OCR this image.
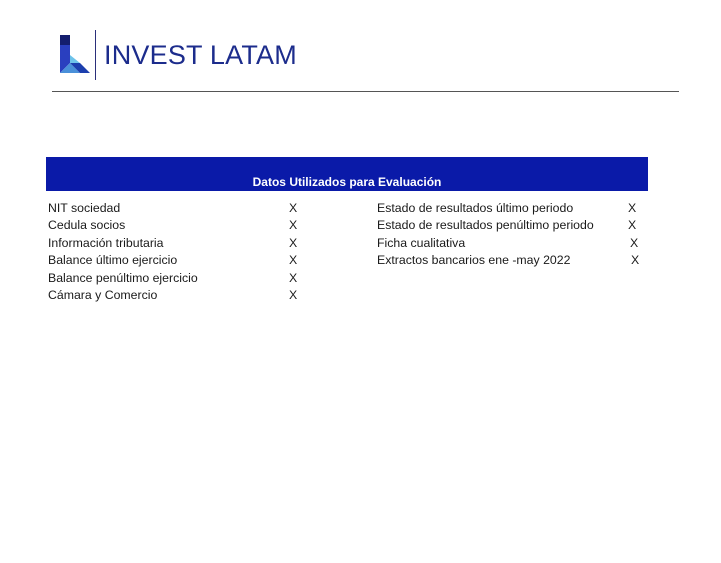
INVEST LATAM
Datos Utilizados para Evaluación
NIT sociedad	X
Cedula socios	X
Información tributaria	X
Balance último ejercicio	X
Balance penúltimo ejercicio	X
Cámara y Comercio	X
Estado de resultados último periodo	X
Estado de resultados penúltimo periodo	X
Ficha cualitativa	X
Extractos bancarios ene -may 2022	X
